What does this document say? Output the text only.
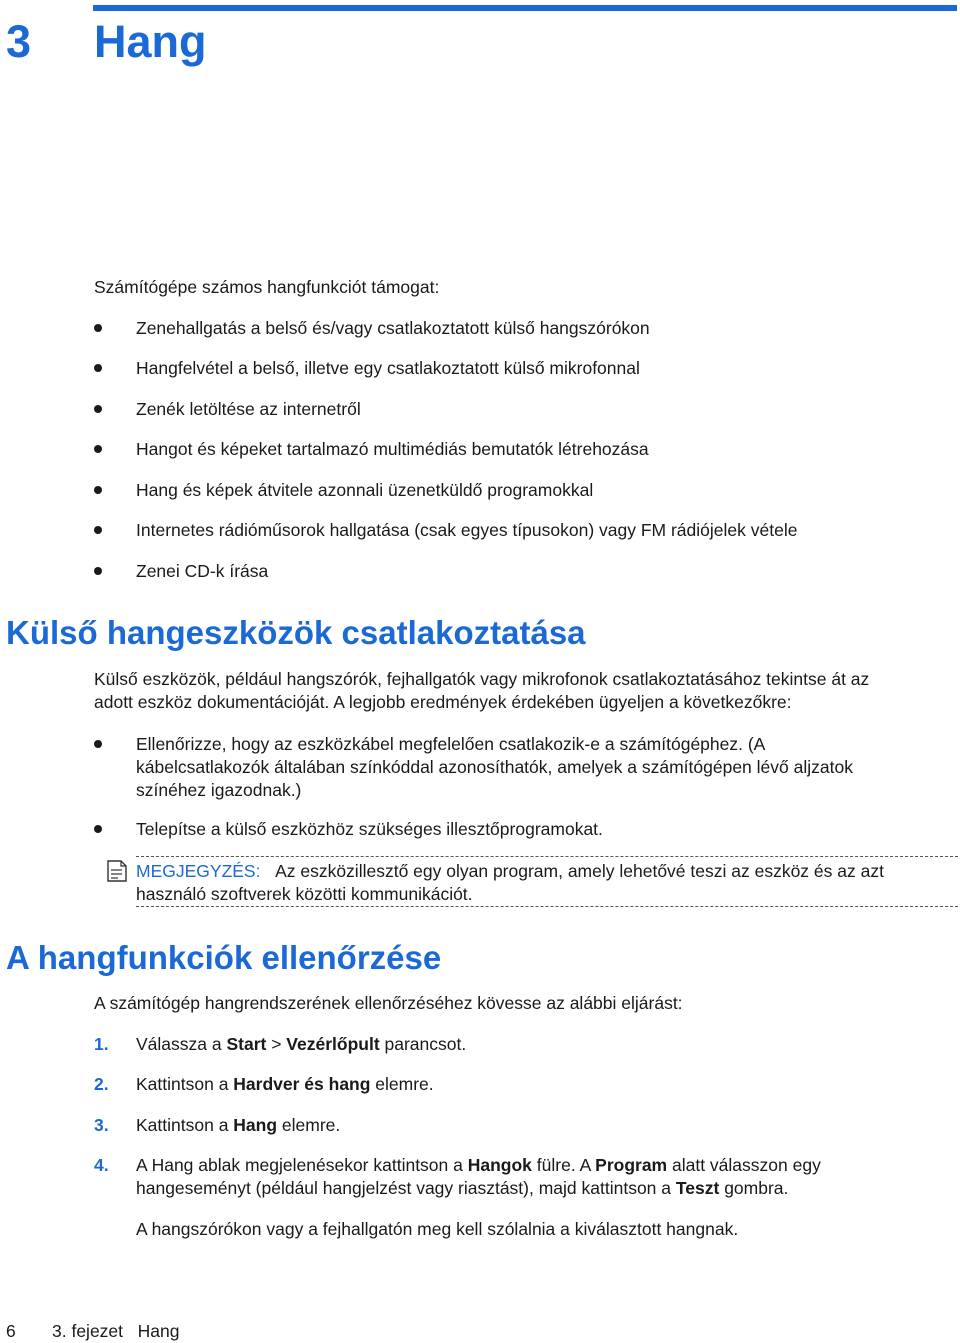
3 Hang

Számítógépe számos hangfunkciót támogat:

Zenehallgatás a belső és/vagy csatlakoztatott külső hangszórókon
Hangfelvétel a belső, illetve egy csatlakoztatott külső mikrofonnal
Zenék letöltése az internetről
Hangot és képeket tartalmazó multimédiás bemutatók létrehozása
Hang és képek átvitele azonnali üzenetküldő programokkal
Internetes rádióműsorok hallgatása (csak egyes típusokon) vagy FM rádiójelek vétele
Zenei CD-k írása
Külső hangeszközök csatlakoztatása

Külső eszközök, például hangszórók, fejhallgatók vagy mikrofonok csatlakoztatásához tekintse át az

adott eszköz dokumentációját. A legjobb eredmények érdekében ügyeljen a következőkre:

Ellenőrizze, hogy az eszközkábel megfelelően csatlakozik-e a számítógéphez. (A
kábelcsatlakozók általában színkóddal azonosíthatók, amelyek a számítógépen lévő aljzatok
színéhez igazodnak.)
Telepítse a külső eszközhöz szükséges illesztőprogramokat.
MEGJEGYZÉS: Az eszközillesztő egy olyan program, amely lehetővé teszi az eszköz és az azt

használó szoftverek közötti kommunikációt.

A hangfunkciók ellenőrzése

A számítógép hangrendszerének ellenőrzéséhez kövesse az alábbi eljárást:

1. Válassza a Start > Vezérlőpult parancsot.
2. Kattintson a Hardver és hang elemre.
3. Kattintson a Hang elemre.
4. A Hang ablak megjelenésekor kattintson a Hangok fülre. A Program alatt válasszon egy
hangeseményt (például hangjelzést vagy riasztást), majd kattintson a Teszt gombra.

A hangszórókon vagy a fejhallgatón meg kell szólalnia a kiválasztott hangnak.

6 3. fejezet   Hang
